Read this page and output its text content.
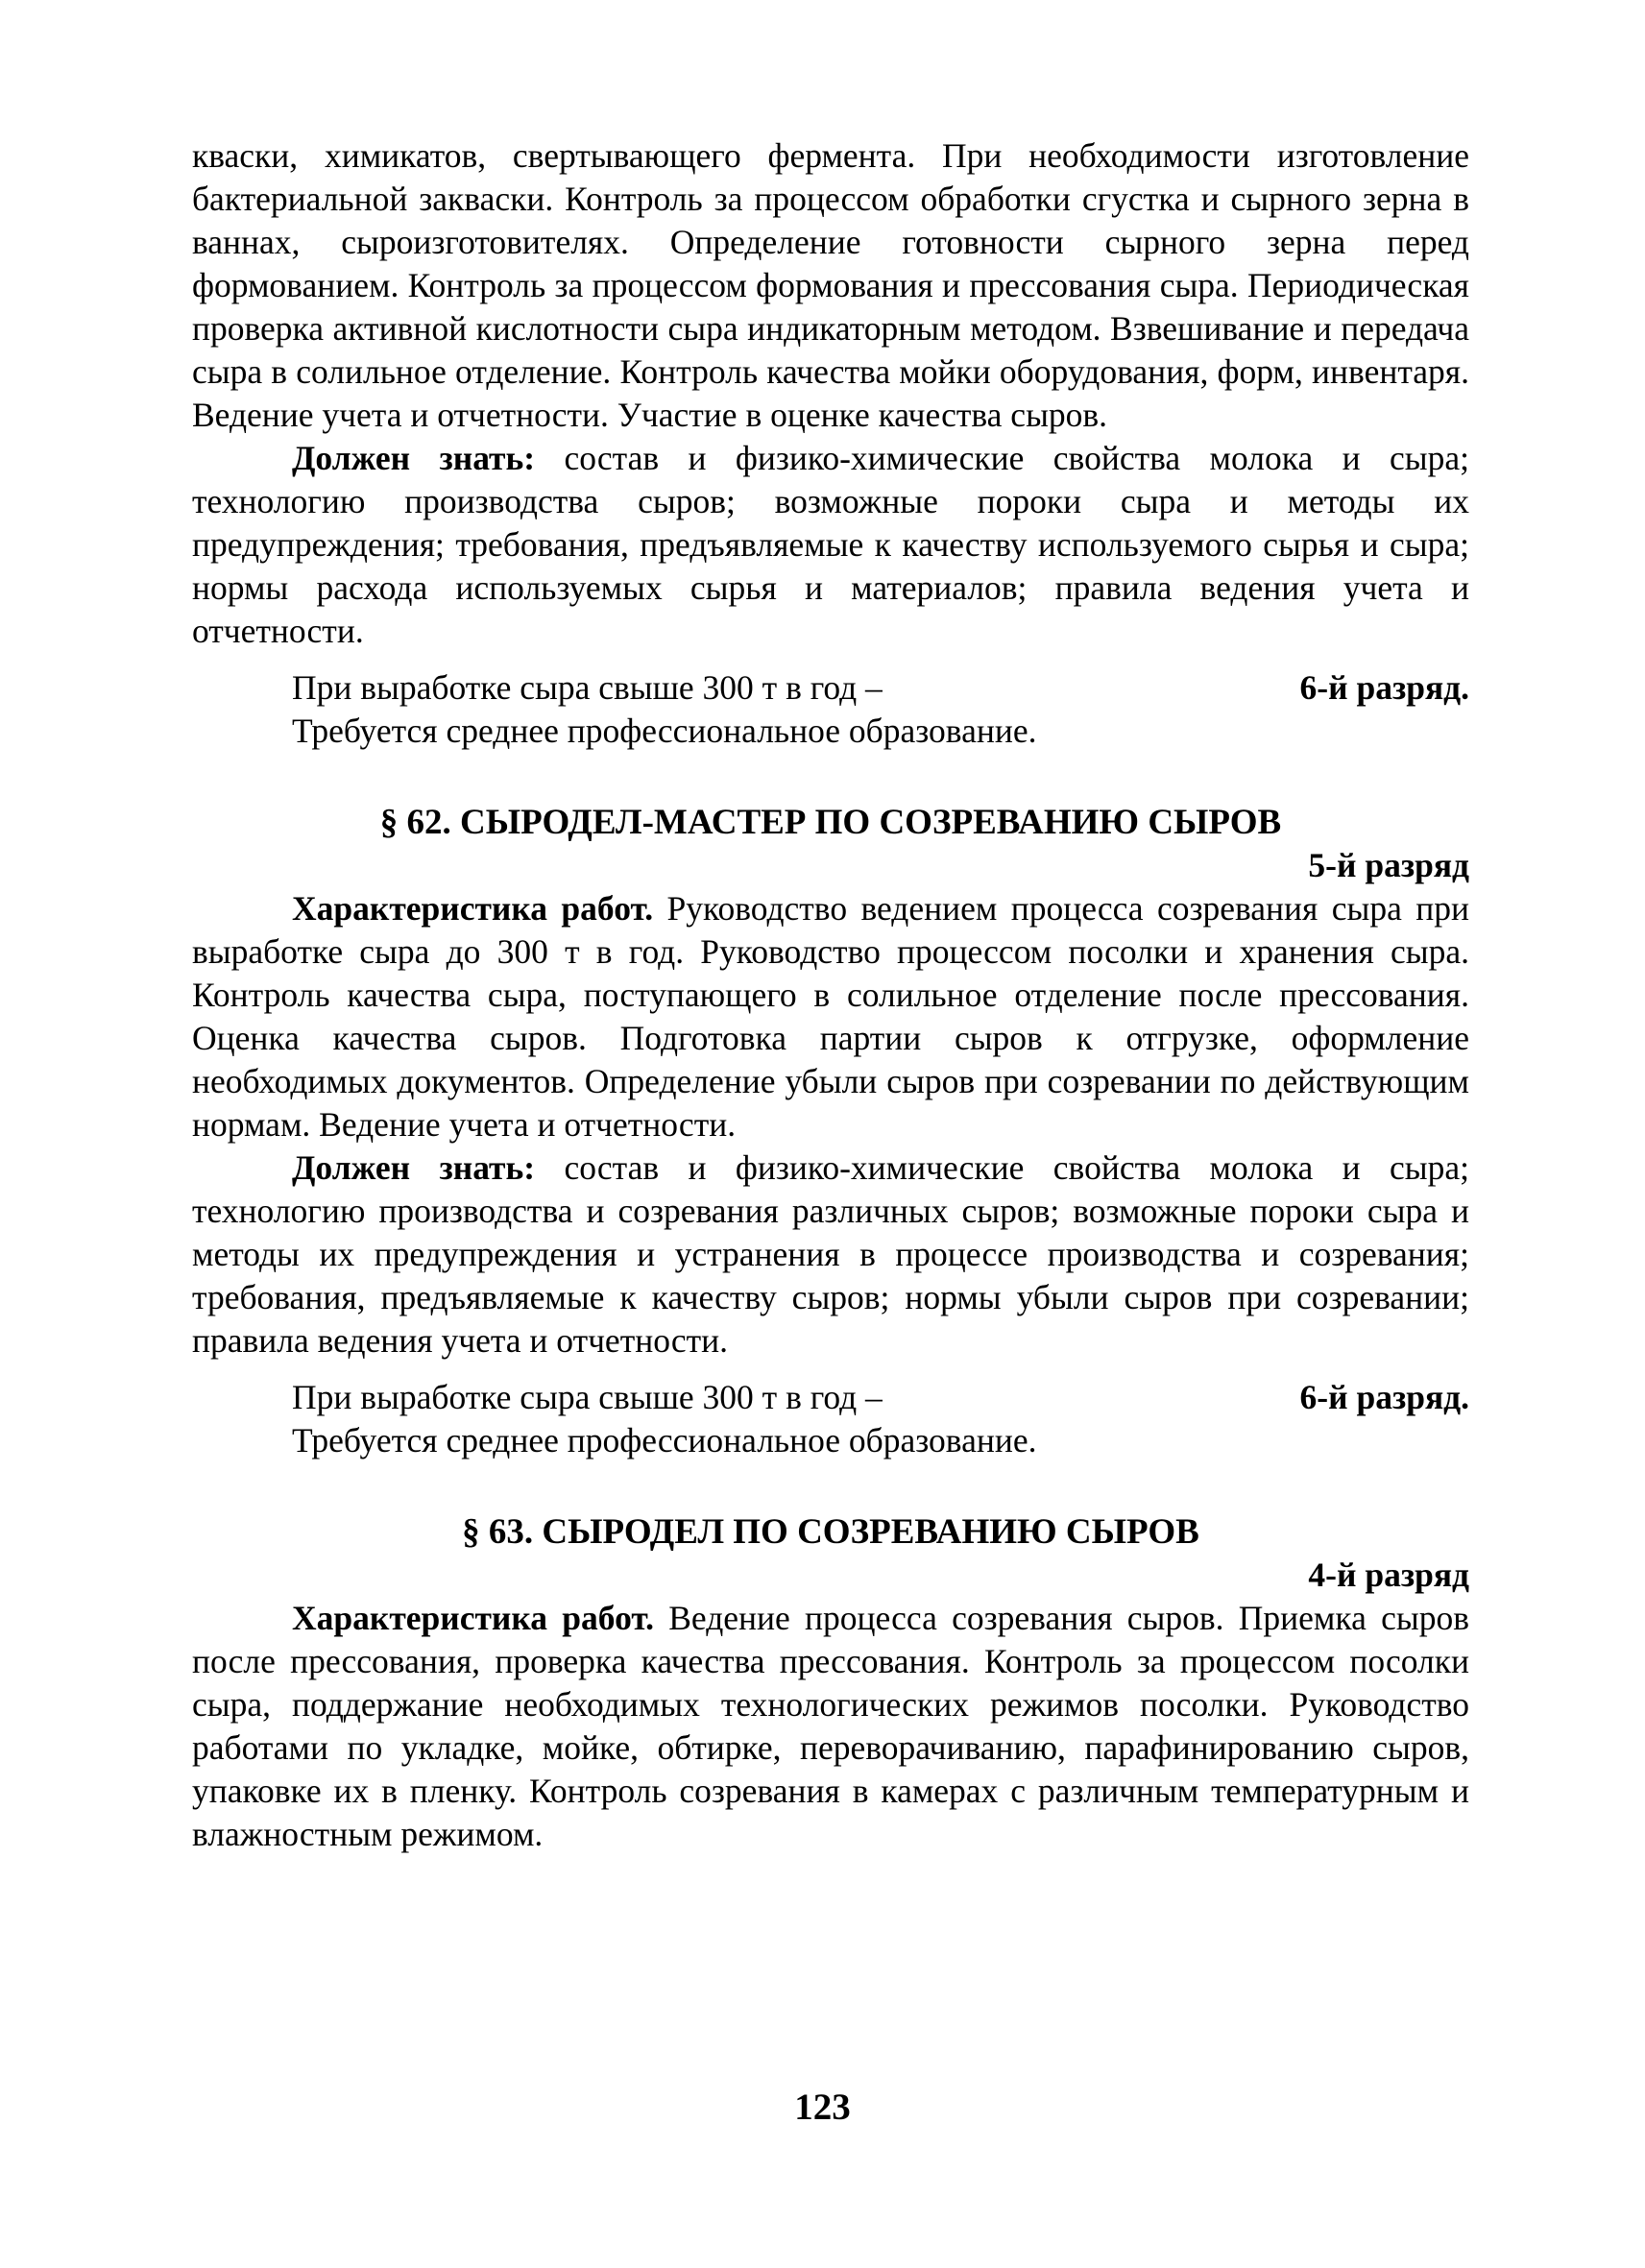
кваски, химикатов, свертывающего фермента. При необходимости изготовление бактериальной закваски. Контроль за процессом обработки сгустка и сырного зерна в ваннах, сыроизготовителях. Определение готовности сырного зерна перед формованием. Контроль за процессом формования и прессования сыра. Периодическая проверка активной кислотности сыра индикаторным методом. Взвешивание и передача сыра в солильное отделение. Контроль качества мойки оборудования, форм, инвентаря. Ведение учета и отчетности. Участие в оценке качества сыров.

Должен знать: состав и физико-химические свойства молока и сыра; технологию производства сыров; возможные пороки сыра и методы их предупреждения; требования, предъявляемые к качеству используемого сырья и сыра; нормы расхода используемых сырья и материалов; правила ведения учета и отчетности.

При выработке сыра свыше 300 т в год –	6-й разряд.
Требуется среднее профессиональное образование.
§ 62. СЫРОДЕЛ-МАСТЕР ПО СОЗРЕВАНИЮ СЫРОВ
5-й разряд

Характеристика работ. Руководство ведением процесса созревания сыра при выработке сыра до 300 т в год. Руководство процессом посолки и хранения сыра. Контроль качества сыра, поступающего в солильное отделение после прессования. Оценка качества сыров. Подготовка партии сыров к отгрузке, оформление необходимых документов. Определение убыли сыров при созревании по действующим нормам. Ведение учета и отчетности.

Должен знать: состав и физико-химические свойства молока и сыра; технологию производства и созревания различных сыров; возможные пороки сыра и методы их предупреждения и устранения в процессе производства и созревания; требования, предъявляемые к качеству сыров; нормы убыли сыров при созревании; правила ведения учета и отчетности.

При выработке сыра свыше 300 т в год –	6-й разряд.
Требуется среднее профессиональное образование.
§ 63. СЫРОДЕЛ ПО СОЗРЕВАНИЮ СЫРОВ
4-й разряд

Характеристика работ. Ведение процесса созревания сыров. Приемка сыров после прессования, проверка качества прессования. Контроль за процессом посолки сыра, поддержание необходимых технологических режимов посолки. Руководство работами по укладке, мойке, обтирке, переворачиванию, парафинированию сыров, упаковке их в пленку. Контроль созревания в камерах с различным температурным и влажностным режимом.

123
